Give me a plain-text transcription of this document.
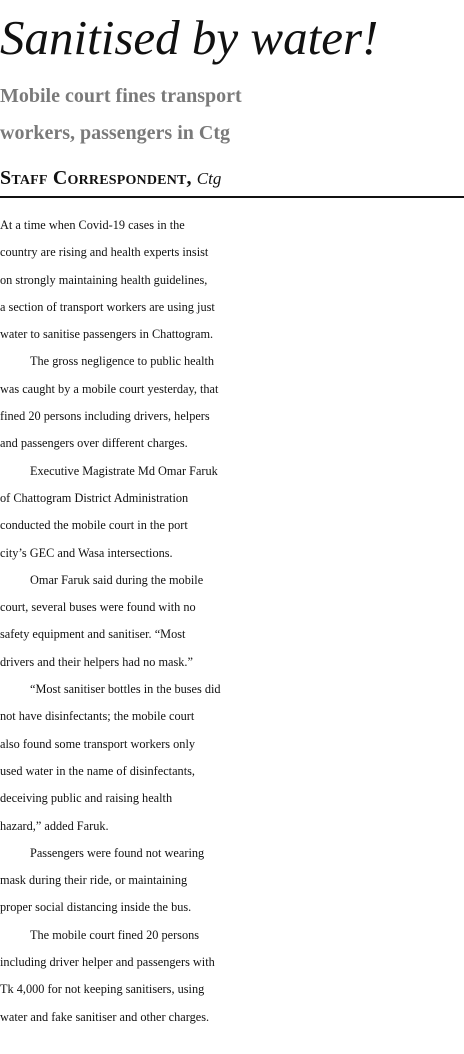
Sanitised by water!
Mobile court fines transport
workers, passengers in Ctg
Staff Correspondent, Ctg
At a time when Covid-19 cases in the
country are rising and health experts insist
on strongly maintaining health guidelines,
a section of transport workers are using just
water to sanitise passengers in Chattogram.
The gross negligence to public health
was caught by a mobile court yesterday, that
fined 20 persons including drivers, helpers
and passengers over different charges.
Executive Magistrate Md Omar Faruk
of Chattogram District Administration
conducted the mobile court in the port
city’s GEC and Wasa intersections.
Omar Faruk said during the mobile
court, several buses were found with no
safety equipment and sanitiser. “Most
drivers and their helpers had no mask.”
“Most sanitiser bottles in the buses did
not have disinfectants; the mobile court
also found some transport workers only
used water in the name of disinfectants,
deceiving public and raising health
hazard,” added Faruk.
Passengers were found not wearing
mask during their ride, or maintaining
proper social distancing inside the bus.
The mobile court fined 20 persons
including driver helper and passengers with
Tk 4,000 for not keeping sanitisers, using
water and fake sanitiser and other charges.
